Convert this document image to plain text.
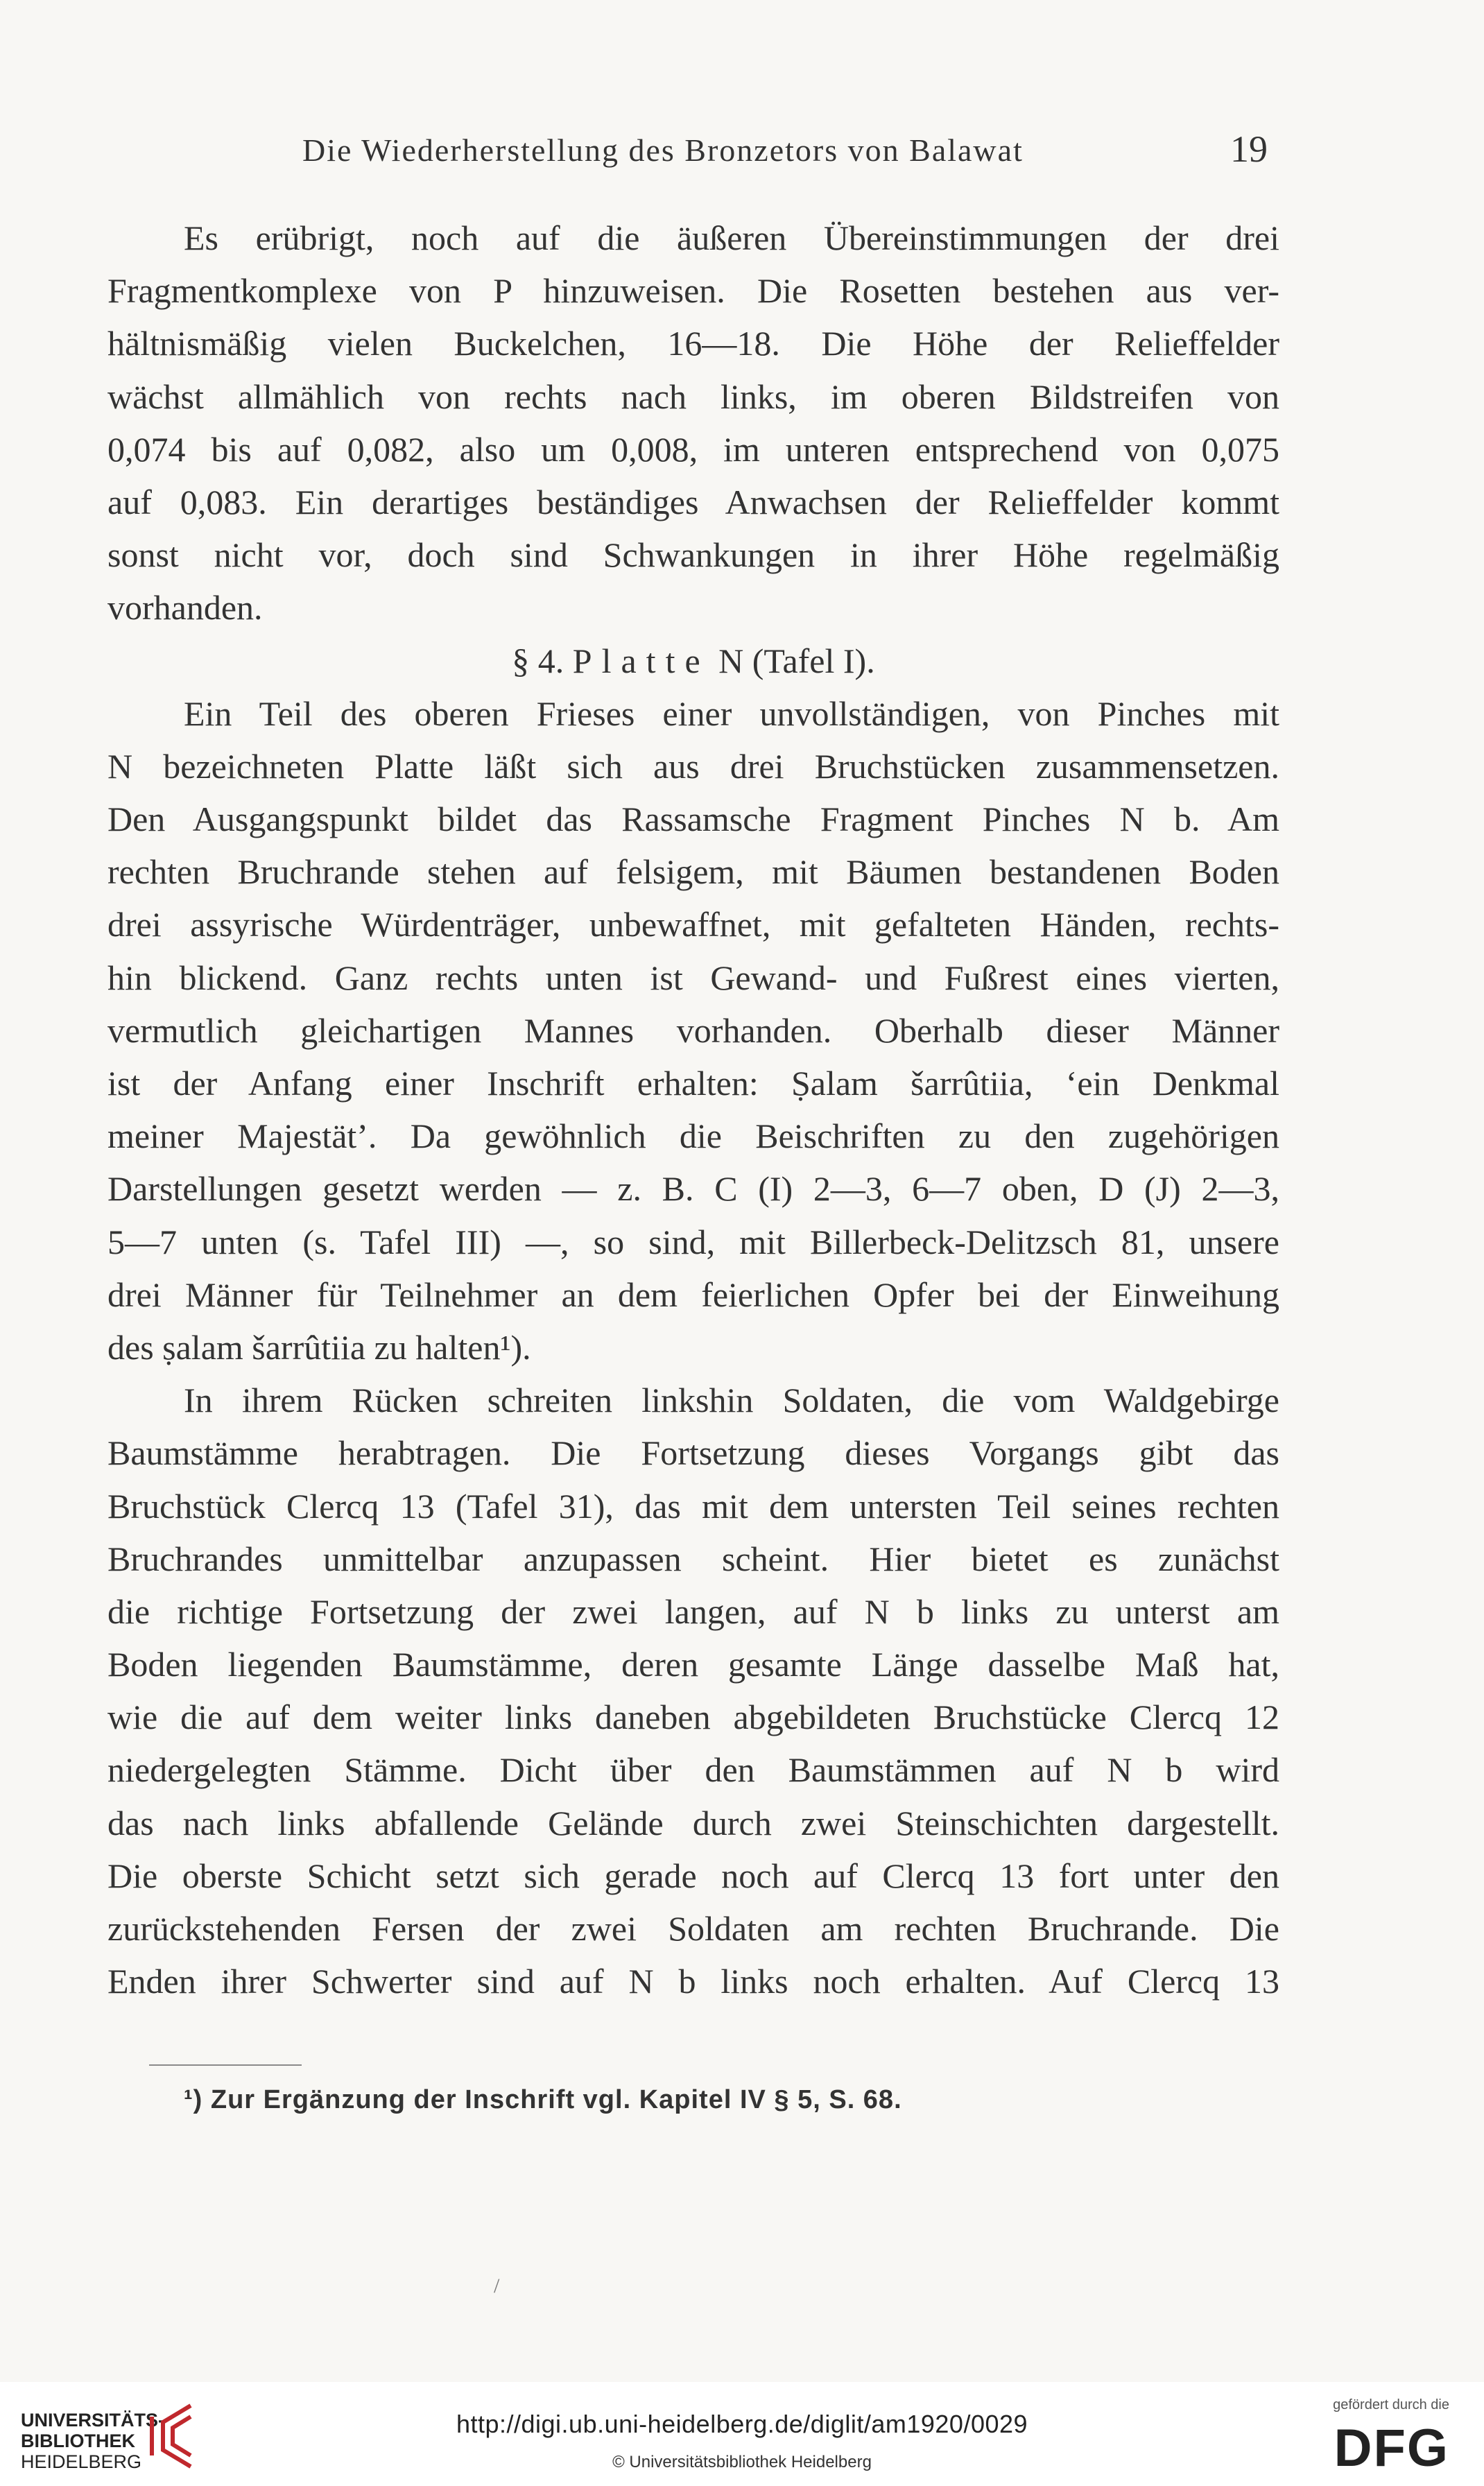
Die Wiederherstellung des Bronzetors von Balawat	19
Es erübrigt, noch auf die äußeren Übereinstimmungen der drei
Fragmentkomplexe von P hinzuweisen. Die Rosetten bestehen aus ver-
hältnismäßig vielen Buckelchen, 16—18. Die Höhe der Relieffelder
wächst allmählich von rechts nach links, im oberen Bildstreifen von
0,074 bis auf 0,082, also um 0,008, im unteren entsprechend von 0,075
auf 0,083. Ein derartiges beständiges Anwachsen der Relieffelder kommt
sonst nicht vor, doch sind Schwankungen in ihrer Höhe regelmäßig
vorhanden.
§ 4. Platte N (Tafel I).
Ein Teil des oberen Frieses einer unvollständigen, von Pinches mit
N bezeichneten Platte läßt sich aus drei Bruchstücken zusammensetzen.
Den Ausgangspunkt bildet das Rassamsche Fragment Pinches N b. Am
rechten Bruchrande stehen auf felsigem, mit Bäumen bestandenen Boden
drei assyrische Würdenträger, unbewaffnet, mit gefalteten Händen, rechts-
hin blickend. Ganz rechts unten ist Gewand- und Fußrest eines vierten,
vermutlich gleichartigen Mannes vorhanden. Oberhalb dieser Männer
ist der Anfang einer Inschrift erhalten: Ṣalam šarrûtiia, ‘ein Denkmal
meiner Majestät’. Da gewöhnlich die Beischriften zu den zugehörigen
Darstellungen gesetzt werden — z. B. C (I) 2—3, 6—7 oben, D (J) 2—3,
5—7 unten (s. Tafel III) —, so sind, mit Billerbeck-Delitzsch 81, unsere
drei Männer für Teilnehmer an dem feierlichen Opfer bei der Einweihung
des ṣalam šarrûtiia zu halten¹).
In ihrem Rücken schreiten linkshin Soldaten, die vom Waldgebirge
Baumstämme herabtragen. Die Fortsetzung dieses Vorgangs gibt das
Bruchstück Clercq 13 (Tafel 31), das mit dem untersten Teil seines rechten
Bruchrandes unmittelbar anzupassen scheint. Hier bietet es zunächst
die richtige Fortsetzung der zwei langen, auf N b links zu unterst am
Boden liegenden Baumstämme, deren gesamte Länge dasselbe Maß hat,
wie die auf dem weiter links daneben abgebildeten Bruchstücke Clercq 12
niedergelegten Stämme. Dicht über den Baumstämmen auf N b wird
das nach links abfallende Gelände durch zwei Steinschichten dargestellt.
Die oberste Schicht setzt sich gerade noch auf Clercq 13 fort unter den
zurückstehenden Fersen der zwei Soldaten am rechten Bruchrande. Die
Enden ihrer Schwerter sind auf N b links noch erhalten. Auf Clercq 13
¹) Zur Ergänzung der Inschrift vgl. Kapitel IV § 5, S. 68.
/
UNIVERSITÄTS-
BIBLIOTHEK
HEIDELBERG
http://digi.ub.uni-heidelberg.de/diglit/am1920/0029
© Universitätsbibliothek Heidelberg
gefördert durch die
DFG
